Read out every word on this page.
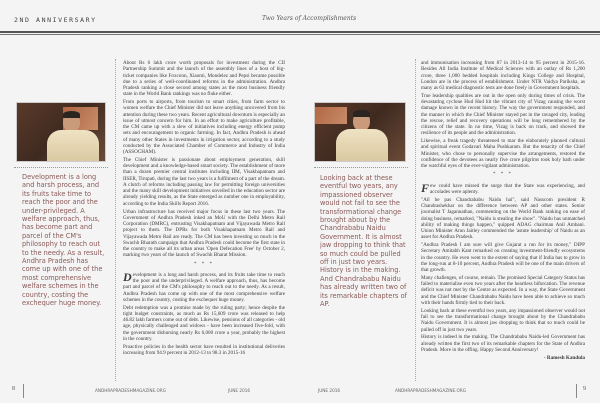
2ND ANNIVERSARY	Two Years of Accomplishments
Development is a long and harsh process, and its fruits take time to reach the poor and the under-privileged. A welfare approach, thus, has become part and parcel of the CM's philosophy to reach out to the needy. As a result, Andhra Pradesh has come up with one of the most comprehensive welfare schemes in the country, costing the exchequer huge money.

About Rs 6 lakh crore worth proposals for investment during the CII Partnership Summit and the launch of the assembly lines of a host of big-ticket companies like Foxconn, Xiaomi, Mondelez and Pepsi became possible due to a series of well-coordinated reforms in the administration. Andhra Pradesh ranking a close second among states as the most business friendly state in the World Bank rankings was no fluke either.

From ports to airports, from tourism to smart cities, from farm sector to women welfare the Chief Minister did not leave anything uncovered from his attention during these two years. Recent agricultural downturn is especially an issue of utmost concern for him. In an effort to make agriculture profitable, the CM came up with a slew of initiatives including energy efficient pump sets and encouragement to organic farming. In fact, Andhra Pradesh is ahead of many other States in investments in irrigation sector, according to a study conducted by the Associated Chamber of Commerce and Industry of India (ASSOCHAM).

The Chief Minister is passionate about employment generation, skill development and a knowledge-based smart society. The establishment of more than a dozen premier central institutes including IIM, Visakhapatnam and IISER, Tirupati, during the last two years is a fulfilment of a part of the dream. A clutch of reforms including passing law for permitting foreign universities and the many skill development initiatives unveiled in the education sector are already yielding results, as the State emerged as number one in employability, according to the India Skills Report 2016.

Urban infrastructure has received major focus in these last two years. The Government of Andhra Pradesh inked an MoU with the Delhi Metro Rail Corporation (DMRC), entrusting Visakhapatnam and Vijayawada Metro Rail project to them. The DPRs for both Visakhapatnam Metro Rail and Vijayawada Metro Rail are ready. The CM has been investing so much in the Swachh Bharath campaign that Andhra Pradesh could become the first state in the country to make all its urban areas 'Open Defecation Free' by October 2, marking two years of the launch of Swachh Bharat Mission.

* * *

Development is a long and harsh process, and its fruits take time to reach the poor and the underprivileged. A welfare approach, thus, has become part and parcel of the CM's philosophy to reach out to the needy. As a result, Andhra Pradesh has come up with one of the most comprehensive welfare schemes in the country, costing the exchequer huge money.

Debt redemption was a promise made by the ruling party; hence despite the tight budget constraints, as much as Rs 15,609 crore was released to help 46.82 lakh farmers come out of debt. Likewise, pensions of all categories - old age, physically challenged and widows - have been increased five-fold, with the government disbursing nearly Rs 6,000 crore a year, probably the highest in the country.

Proactive policies in the health sector have resulted in institutional deliveries increasing from 94.9 percent in 2012-13 to 98.3 in 2015-16

8	ANDHRAPRADESHMAGAZINE.ORG	JUNE 2016
Looking back at these eventful two years, any impassioned observer would not fail to see the transformational change brought about by the Chandrababu Naidu Government. It is almost jaw dropping to think that so much could be pulled off in just two years. History is in the making. And Chandrababu Naidu has already written two of its remarkable chapters of AP.

and immunisation increasing from 87 in 2013-14 to 95 percent in 2015-16. Besides All India Institute of Medical Sciences with an outlay of Rs 1,200 crore, three 1,000 bedded hospitals including Kings College and Hospital, London are in the process of establishment. Under NTR Vaidya Pariksha, as many as 63 medical diagnostic tests are done freely in Government hospitals.

True leadership qualities are out in the open only during times of crisis. The devastating cyclone Hud Hud hit the vibrant city of Vizag causing the worst damage known in the recent history. The way the government responded, and the manner in which the Chief Minister stayed put in the ravaged city, leading the rescue, relief and recovery operations will be long remembered by the citizens of the state. In no time, Vizag is back on track, and showed the resilience of its people and the administration.

Likewise, a freak tragedy threatened to mar the elaborately planned cultural and spiritual event Godavari Maha Pushkaram. But the tenacity of the Chief Minister, who chose to personally supervise the arrangements, restored the confidence of the devotees as nearly five crore pilgrims took holy bath under the watchful eyes of the ever-vigilant administration.

* * *

Few could have missed the surge that the State was experiencing, and accolades were aplenty.

"All he pas Chandrababu Naidu hai", said Nasscom president R Chandrashekhar on the difference between AP and other states. Senior journalist T Jagannathan, commenting on the World Bank ranking on ease of doing business, remarked, "Naidu is stealing the show". "Naidu has unmatched ability of making things happen," quipped ADAG chairman Anil Ambani. Union Minister Arun Jaitley commended the 'astute leadership' of Naidu as an asset for Andhra Pradesh.

"Andhra Pradesh I am sure will give Gujarat a run for its money," DIPP Secretary Amitabh Kant remarked on creating investment-friendly ecosystems in the country. He even went to the extent of saying that if India has to grow in the long-run at 8-10 percent, Andhra Pradesh will be one of the main drivers of that growth.

Many challenges, of course, remain. The promised Special Category Status has failed to materialise even two years after the heartless bifurcation. The revenue deficit was not met by the Centre as expected. In a way, the State Government and the Chief Minister Chandrababu Naidu have been able to achieve so much with their hands firmly tied to their back.

Looking back at these eventful two years, any impassioned observer would not fail to see the transformational change brought about by the Chandrababu Naidu Government. It is almost jaw dropping to think that so much could be pulled off in just two years.

History is indeed in the making. The Chandrababu Naidu-led Government has already written the first two of its remarkable chapters for the State of Andhra Pradesh. More in the offing. Happy Second Anniversary!

- Ramesh Kandula
JUNE 2016	ANDHRAPRADESHMAGAZINE.ORG	9
